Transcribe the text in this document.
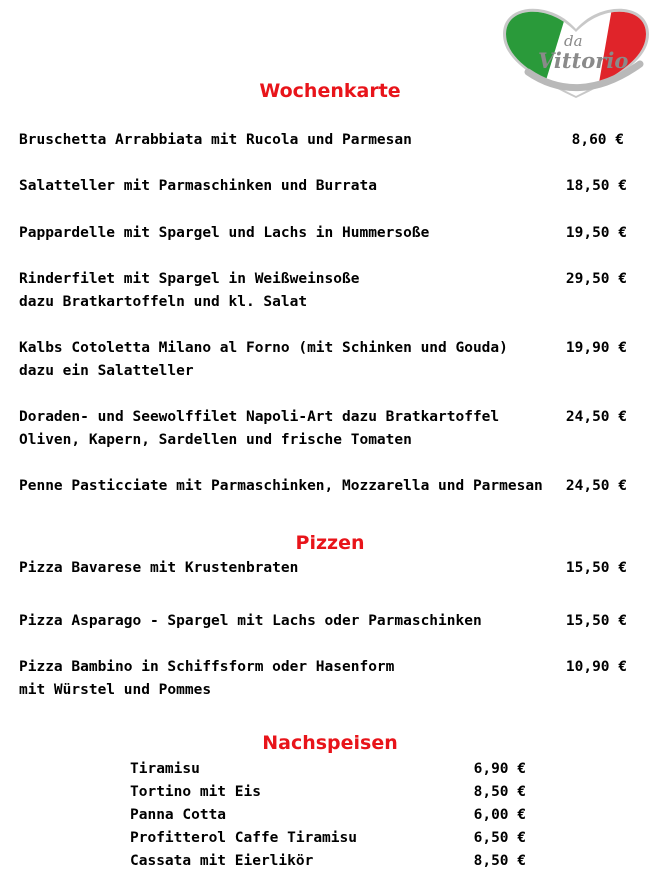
da
Vittorio
Wochenkarte
Bruschetta Arrabbiata mit Rucola und Parmesan	8,60 €
Salatteller mit Parmaschinken und Burrata	18,50 €
Pappardelle mit Spargel und Lachs in Hummersoße	19,50 €
Rinderfilet mit Spargel in Weißweinsoße
dazu Bratkartoffeln und kl. Salat
29,50 €
Kalbs Cotoletta Milano al Forno (mit Schinken und Gouda)
dazu ein Salatteller
19,90 €
Doraden- und Seewolffilet Napoli-Art dazu Bratkartoffel
Oliven, Kapern, Sardellen und frische Tomaten
24,50 €
Penne Pasticciate mit Parmaschinken, Mozzarella und Parmesan 24,50 €
Pizzen
Pizza Bavarese mit Krustenbraten	15,50 €
Pizza Asparago - Spargel mit Lachs oder Parmaschinken	15,50 €
Pizza Bambino in Schiffsform oder Hasenform
mit Würstel und Pommes
10,90 €
Nachspeisen
Tiramisu	6,90 €
Tortino mit Eis	8,50 €
Panna Cotta	6,00 €
Profitterol Caffe Tiramisu	6,50 €
Cassata mit Eierlikör	8,50 €
